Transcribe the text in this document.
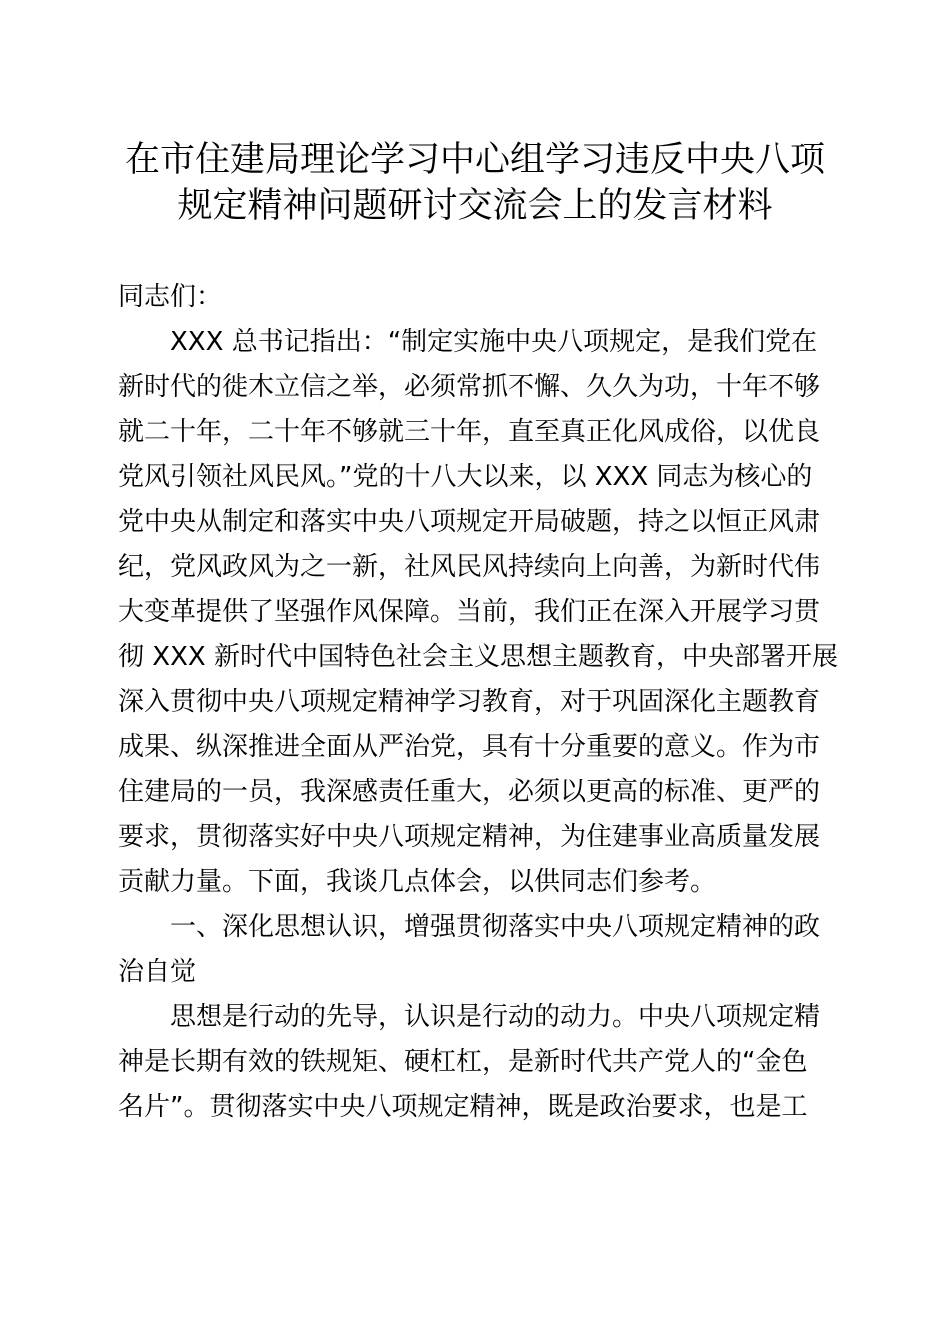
在市住建局理论学习中心组学习违反中央八项
规定精神问题研讨交流会上的发言材料
同志们：
XXX 总书记指出：“制定实施中央八项规定，是我们党在
新时代的徙木立信之举，必须常抓不懈、久久为功，十年不够
就二十年，二十年不够就三十年，直至真正化风成俗，以优良
党风引领社风民风。”党的十八大以来，以 XXX 同志为核心的
党中央从制定和落实中央八项规定开局破题，持之以恒正风肃
纪，党风政风为之一新，社风民风持续向上向善，为新时代伟
大变革提供了坚强作风保障。当前，我们正在深入开展学习贯
彻 XXX 新时代中国特色社会主义思想主题教育，中央部署开展
深入贯彻中央八项规定精神学习教育，对于巩固深化主题教育
成果、纵深推进全面从严治党，具有十分重要的意义。作为市
住建局的一员，我深感责任重大，必须以更高的标准、更严的
要求，贯彻落实好中央八项规定精神，为住建事业高质量发展
贡献力量。下面，我谈几点体会，以供同志们参考。
一、深化思想认识，增强贯彻落实中央八项规定精神的政
治自觉
思想是行动的先导，认识是行动的动力。中央八项规定精
神是长期有效的铁规矩、硬杠杠，是新时代共产党人的“金色
名片”。贯彻落实中央八项规定精神，既是政治要求，也是工
